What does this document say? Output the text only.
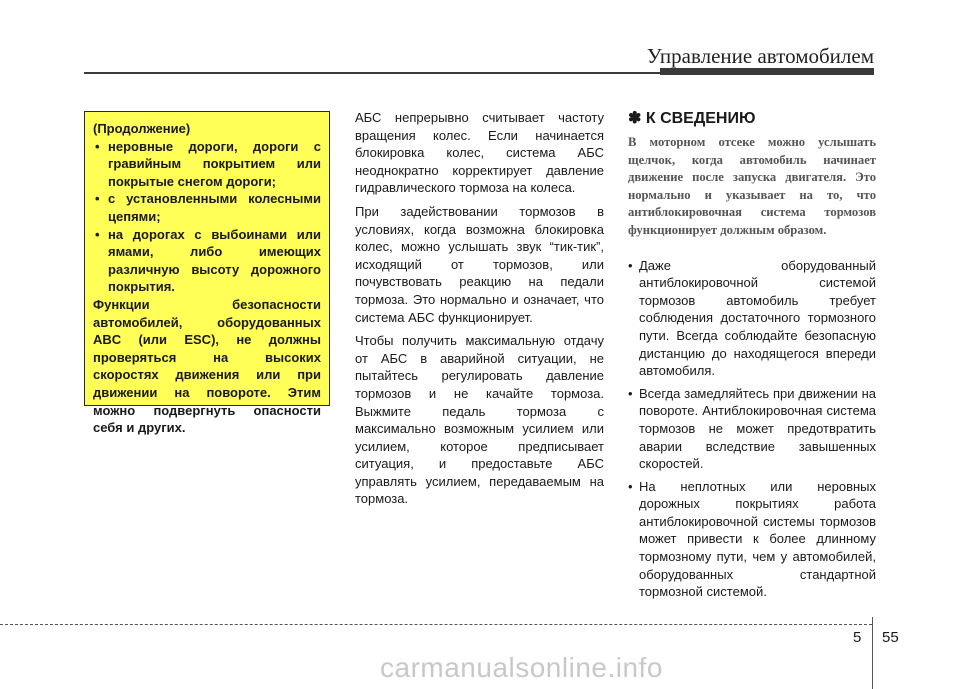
Управление автомобилем

(Продолжение)

• неровные дороги, дороги с гравийным покрытием или покрытые снегом дороги;
• с установленными колесными цепями;
• на дорогах с выбоинами или ямами, либо имеющих различную высоту дорожного покрытия.

Функции безопасности автомобилей, оборудованных ABC (или ESC), не должны проверяться на высоких скоростях движения или при движении на повороте. Этим можно подвергнуть опасности себя и других.

АБС непрерывно считывает частоту вращения колес. Если начинается блокировка колес, система АБС неоднократно корректирует давление гидравлического тормоза на колеса.

При задействовании тормозов в условиях, когда возможна блокировка колес, можно услышать звук “тик-тик”, исходящий от тормозов, или почувствовать реакцию на педали тормоза. Это нормально и означает, что система АБС функционирует.

Чтобы получить максимальную отдачу от АБС в аварийной ситуации, не пытайтесь регулировать давление тормозов и не качайте тормоза. Выжмите педаль тормоза с максимально возможным усилием или усилием, которое предписывает ситуация, и предоставьте АБС управлять усилием, передаваемым на тормоза.

✽ К СВЕДЕНИЮ

В моторном отсеке можно услышать щелчок, когда автомобиль начинает движение после запуска двигателя. Это нормально и указывает на то, что антиблокировочная система тормозов функционирует должным образом.

• Даже оборудованный антиблокировочной системой тормозов автомобиль требует соблюдения достаточного тормозного пути. Всегда соблюдайте безопасную дистанцию до находящегося впереди автомобиля.
• Всегда замедляйтесь при движении на повороте. Антиблокировочная система тормозов не может предотвратить аварии вследствие завышенных скоростей.
• На неплотных или неровных дорожных покрытиях работа антиблокировочной системы тормозов может привести к более длинному тормозному пути, чем у автомобилей, оборудованных стандартной тормозной системой.
5 55
carmanualsonline.info
